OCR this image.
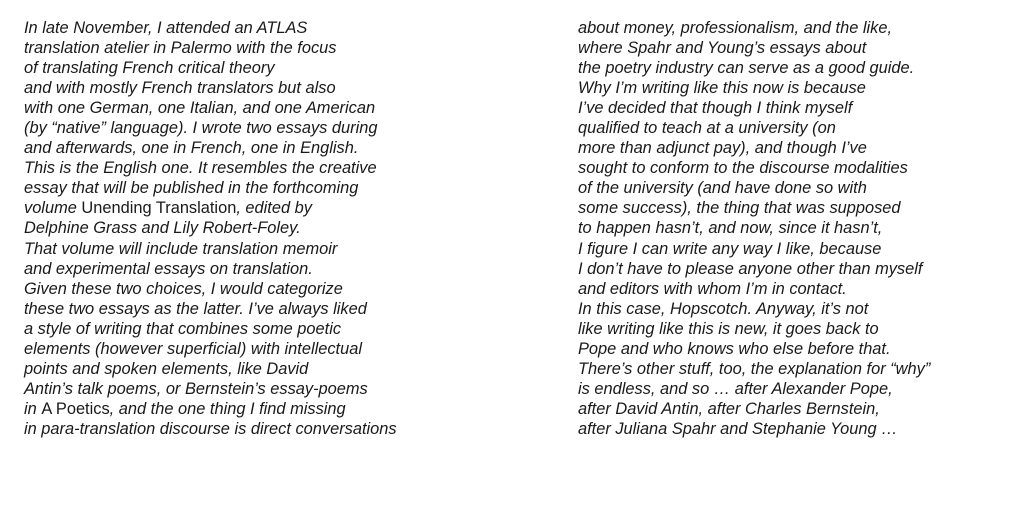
In late November, I attended an ATLAS
translation atelier in Palermo with the focus
of translating French critical theory
and with mostly French translators but also
with one German, one Italian, and one American
(by “native” language). I wrote two essays during
and afterwards, one in French, one in English.
This is the English one. It resembles the creative
essay that will be published in the forthcoming
volume Unending Translation, edited by
Delphine Grass and Lily Robert-Foley.
That volume will include translation memoir
and experimental essays on translation.
Given these two choices, I would categorize
these two essays as the latter. I’ve always liked
a style of writing that combines some poetic
elements (however superficial) with intellectual
points and spoken elements, like David
Antin’s talk poems, or Bernstein’s essay-poems
in A Poetics, and the one thing I find missing
in para-translation discourse is direct conversations
about money, professionalism, and the like,
where Spahr and Young’s essays about
the poetry industry can serve as a good guide.
Why I’m writing like this now is because
I’ve decided that though I think myself
qualified to teach at a university (on
more than adjunct pay), and though I’ve
sought to conform to the discourse modalities
of the university (and have done so with
some success), the thing that was supposed
to happen hasn’t, and now, since it hasn’t,
I figure I can write any way I like, because
I don’t have to please anyone other than myself
and editors with whom I’m in contact.
In this case, Hopscotch. Anyway, it’s not
like writing like this is new, it goes back to
Pope and who knows who else before that.
There’s other stuff, too, the explanation for “why”
is endless, and so … after Alexander Pope,
after David Antin, after Charles Bernstein,
after Juliana Spahr and Stephanie Young …
